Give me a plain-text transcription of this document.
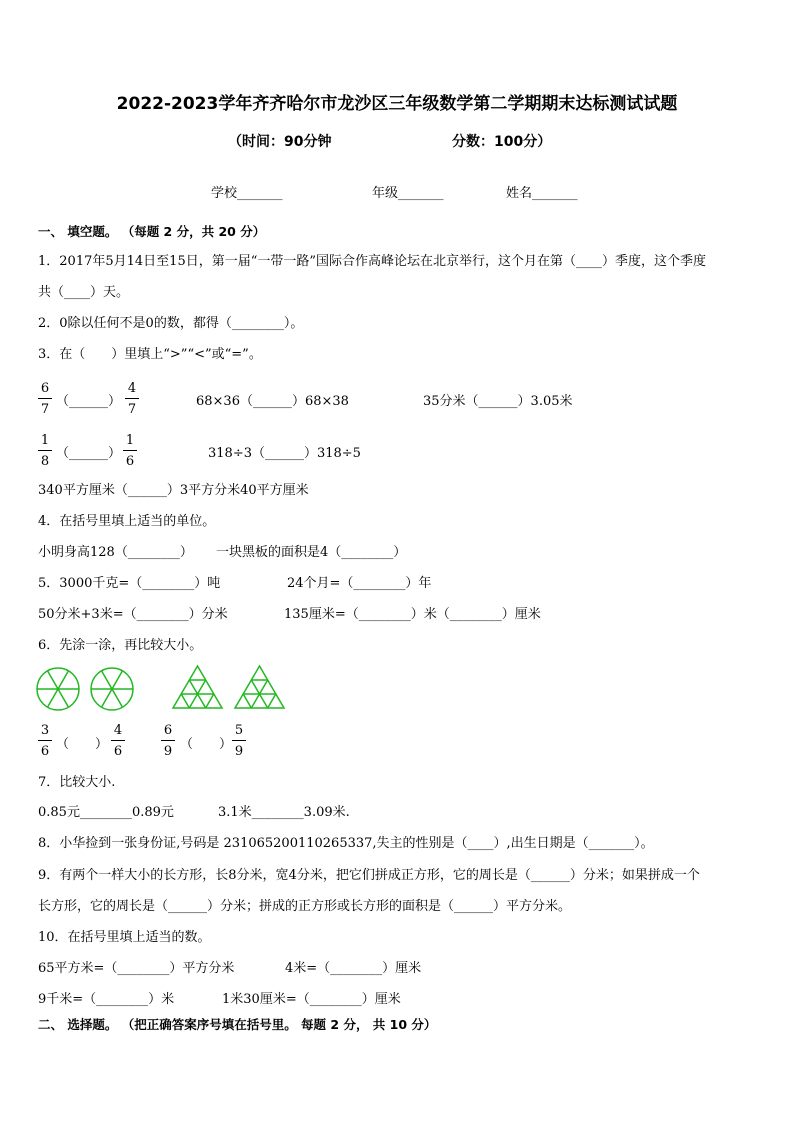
2022-2023学年齐齐哈尔市龙沙区三年级数学第二学期期末达标测试试题
（时间：90分钟	分数：100分）
学校_______	年级_______	姓名_______
一、 填空题。 （每题 2 分，共 20 分）
1．2017年5月14日至15日，第一届“一带一路”国际合作高峰论坛在北京举行，这个月在第（____）季度，这个季度
共（____）天。
2．0除以任何不是0的数，都得（________）。
3．在（　　）里填上“>”“<”或“=”。
6
7
（______）
4
7
68×36（______）68×38	35分米（______）3.05米
1
8
（______）
1
6
318÷3（______）318÷5
340平方厘米（______）3平方分米40平方厘米
4．在括号里填上适当的单位。
小明身高128（________） 一块黑板的面积是4（________）
5．3000千克=（________）吨	24个月=（________）年
50分米+3米=（________）分米	135厘米=（________）米（________）厘米
6．先涂一涂，再比较大小。
3
6 （　　）
4
6
6
9 （　　）
5
9
7．比较大小.
0.85元________0.89元	3.1米________3.09米.
8．小华捡到一张身份证,号码是 231065200110265337,失主的性别是（____）,出生日期是（_______）。
9．有两个一样大小的长方形，长8分米，宽4分米，把它们拼成正方形，它的周长是（______）分米；如果拼成一个
长方形，它的周长是（______）分米；拼成的正方形或长方形的面积是（______）平方分米。
10．在括号里填上适当的数。
65平方米=（________）平方分米	4米=（________）厘米
9千米=（________）米	1米30厘米=（________）厘米
二、 选择题。 （把正确答案序号填在括号里。 每题 2 分， 共 10 分）
